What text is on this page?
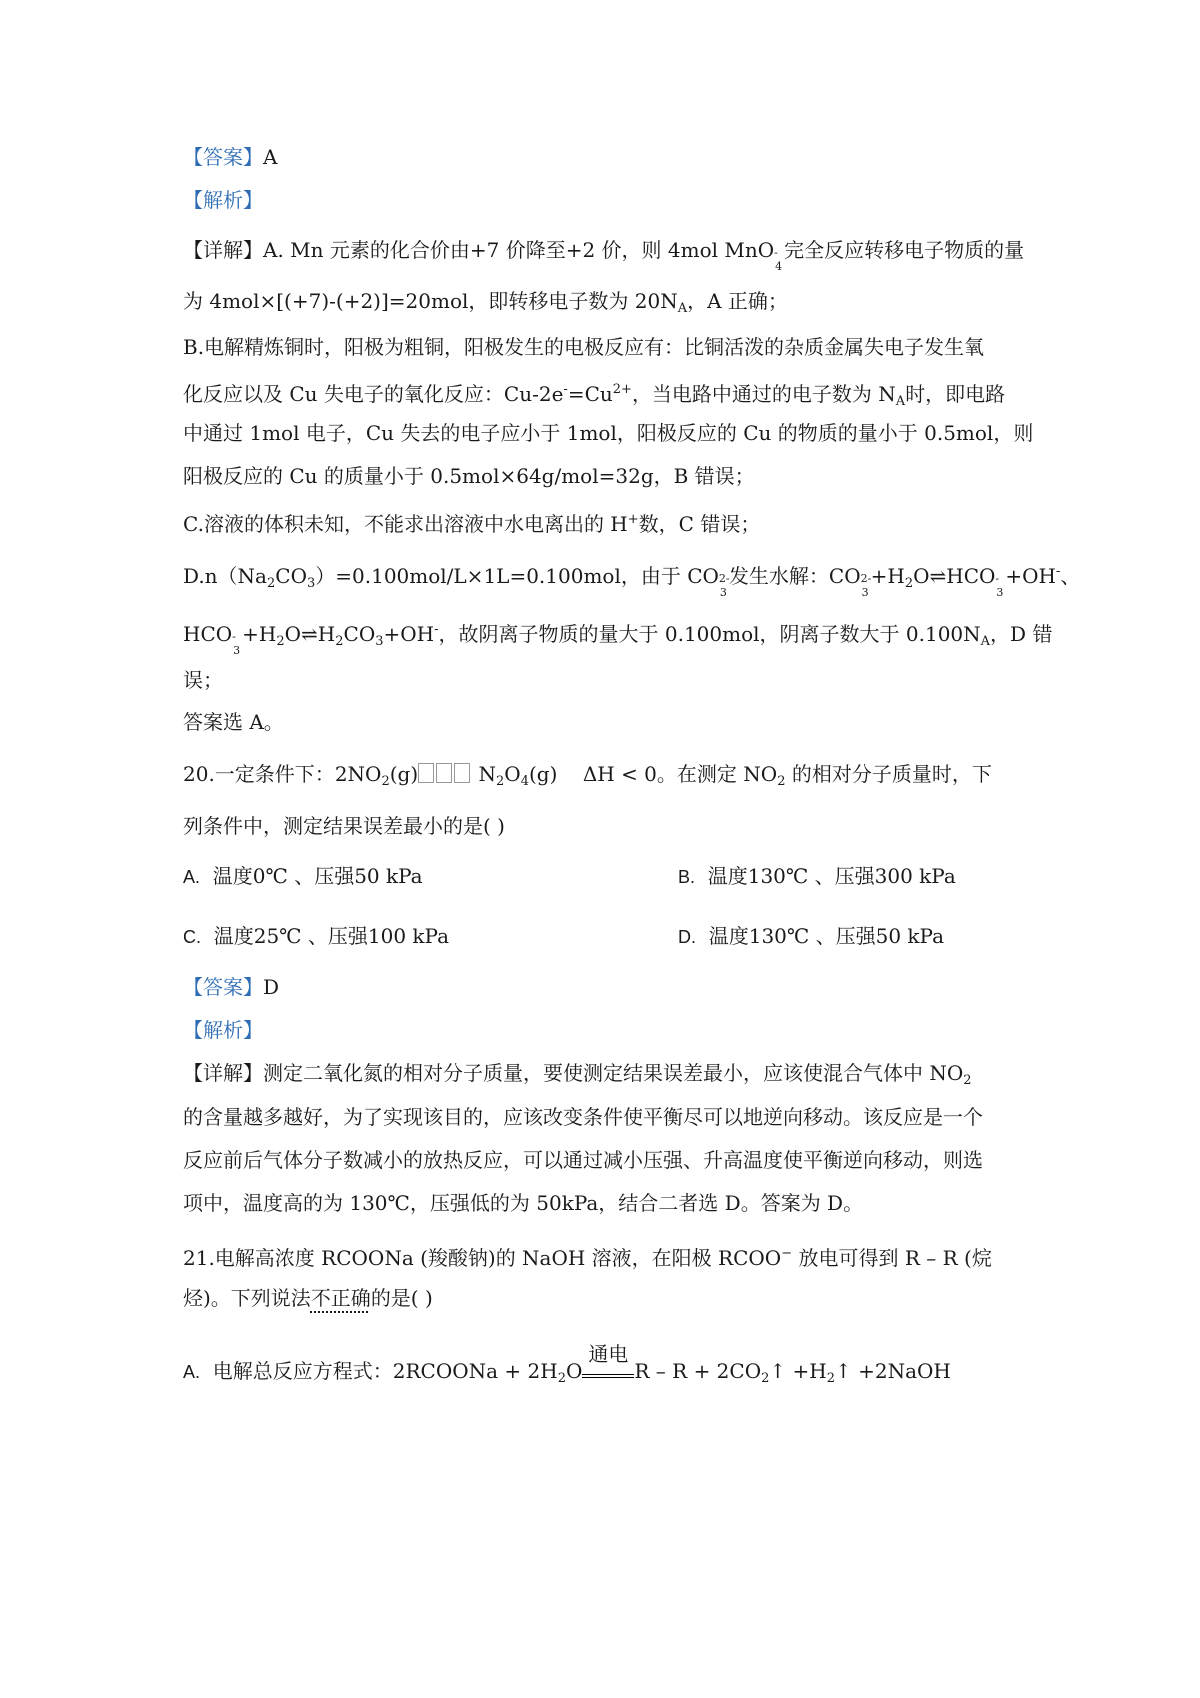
【答案】A
【解析】
【详解】A. Mn 元素的化合价由+7 价降至+2 价，则 4mol MnO -
4
完全反应转移电子物质的量
为 4mol×[(+7)-(+2)]=20mol，即转移电子数为 $20N_A$，A 正确；
B.电解精炼铜时，阳极为粗铜，阳极发生的电极反应有：比铜活泼的杂质金属失电子发生氧
化反应以及 Cu 失电子的氧化反应：$Cu-2e^-=Cu^{2+}$，当电路中通过的电子数为 $N_A$时，即电路
中通过 1mol 电子，Cu 失去的电子应小于 1mol，阳极反应的 Cu 的物质的量小于 0.5mol，则
阳极反应的 Cu 的质量小于 0.5mol×64g/mol=32g，B 错误；
C.溶液的体积未知，不能求出溶液中水电离出的 H+数，C 错误；
$D.n(Na_2CO_3)=0.100mol/L\times 1L=0.100mol$，由于 CO 2-
3
发生水解：CO 2-
3
$+H_2O\rightleftharpoons HCO$ -
3
+OH-、
HCO -
3
$+H_2O\rightleftharpoons H_2CO_3+OH^-$，故阴离子物质的量大于 0.100mol，阴离子数大于 $0.100N_A$，D 错
误；
答案选 A。
20.一定条件下：$2NO_2(g)$	$N_2O_4(g) \Delta H < 0$。在测定 $NO_2$ 的相对分子质量时，下
列条件中，测定结果误差最小的是( )
A. 温度0℃ 、压强50 kPa	B. 温度130℃ 、压强300 kPa
C. 温度25℃ 、压强100 kPa	D. 温度130℃ 、压强50 kPa
【答案】D
【解析】
【详解】测定二氧化氮的相对分子质量，要使测定结果误差最小，应该使混合气体中 $NO_2$
的含量越多越好，为了实现该目的，应该改变条件使平衡尽可以地逆向移动。该反应是一个
反应前后气体分子数减小的放热反应，可以通过减小压强、升高温度使平衡逆向移动，则选
项中，温度高的为 130℃，压强低的为 50kPa，结合二者选 D。答案为 D。
21.电解高浓度 RCOONa (羧酸钠)的 NaOH 溶液，在阳极 RCOO− 放电可得到 R – R (烷
烃)。下列说法不正确的是( )
A. 电解总反应方程式：2RCOONa + $2H_2O$
通电
$R - R + 2CO_2↑$ $+H_2↑$ +2NaOH
